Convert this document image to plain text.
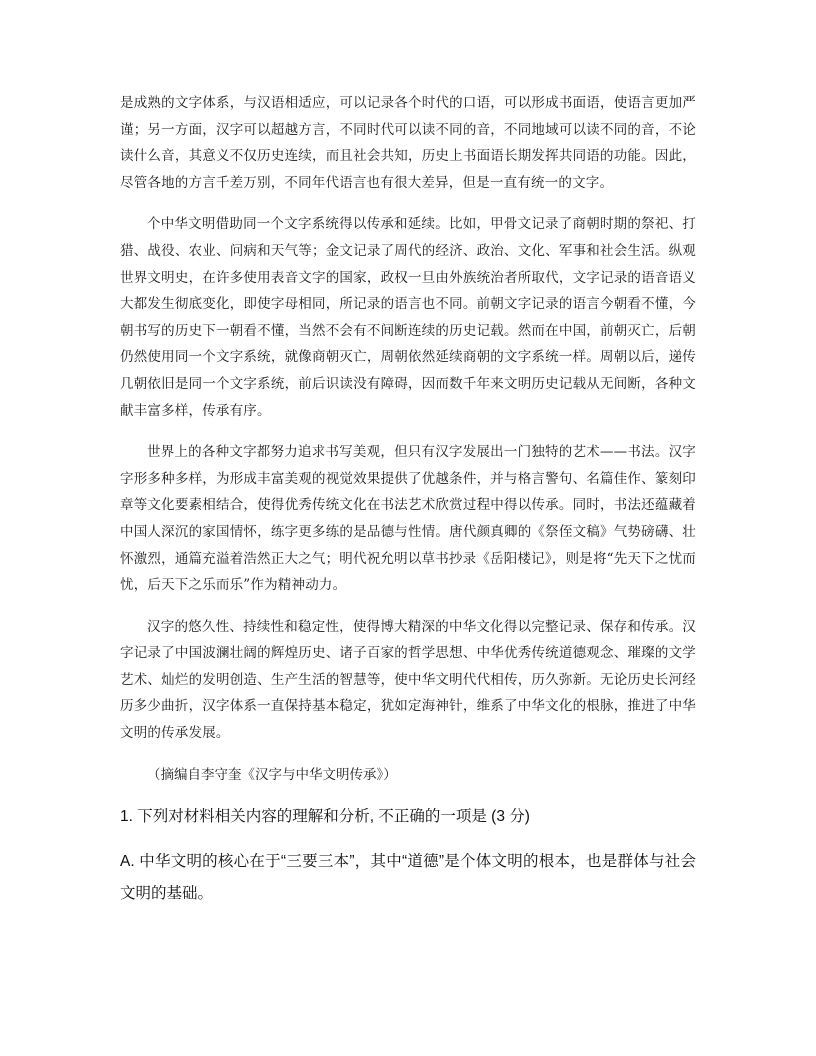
是成熟的文字体系，与汉语相适应，可以记录各个时代的口语，可以形成书面语，使语言更加严谨；另一方面，汉字可以超越方言，不同时代可以读不同的音，不同地域可以读不同的音，不论读什么音，其意义不仅历史连续，而且社会共知，历史上书面语长期发挥共同语的功能。因此，尽管各地的方言千差万别，不同年代语言也有很大差异，但是一直有统一的文字。

个中华文明借助同一个文字系统得以传承和延续。比如，甲骨文记录了商朝时期的祭祀、打猎、战役、农业、问病和天气等；金文记录了周代的经济、政治、文化、军事和社会生活。纵观世界文明史，在许多使用表音文字的国家，政权一旦由外族统治者所取代，文字记录的语音语义大都发生彻底变化，即使字母相同，所记录的语言也不同。前朝文字记录的语言今朝看不懂，今朝书写的历史下一朝看不懂，当然不会有不间断连续的历史记载。然而在中国，前朝灭亡，后朝仍然使用同一个文字系统，就像商朝灭亡，周朝依然延续商朝的文字系统一样。周朝以后，递传几朝依旧是同一个文字系统，前后识读没有障碍，因而数千年来文明历史记载从无间断，各种文献丰富多样，传承有序。

世界上的各种文字都努力追求书写美观，但只有汉字发展出一门独特的艺术——书法。汉字字形多种多样，为形成丰富美观的视觉效果提供了优越条件，并与格言警句、名篇佳作、篆刻印章等文化要素相结合，使得优秀传统文化在书法艺术欣赏过程中得以传承。同时，书法还蕴藏着中国人深沉的家国情怀，练字更多练的是品德与性情。唐代颜真卿的《祭侄文稿》气势磅礴、壮怀激烈，通篇充溢着浩然正大之气；明代祝允明以草书抄录《岳阳楼记》，则是将“先天下之忧而忧，后天下之乐而乐”作为精神动力。

汉字的悠久性、持续性和稳定性，使得博大精深的中华文化得以完整记录、保存和传承。汉字记录了中国波澜壮阔的辉煌历史、诸子百家的哲学思想、中华优秀传统道德观念、璀璨的文学艺术、灿烂的发明创造、生产生活的智慧等，使中华文明代代相传，历久弥新。无论历史长河经历多少曲折，汉字体系一直保持基本稳定，犹如定海神针，维系了中华文化的根脉，推进了中华文明的传承发展。

（摘编自李守奎《汉字与中华文明传承》）

1. 下列对材料相关内容的理解和分析, 不正确的一项是 (3 分)

A. 中华文明的核心在于“三要三本”，其中“道德”是个体文明的根本，也是群体与社会文明的基础。
